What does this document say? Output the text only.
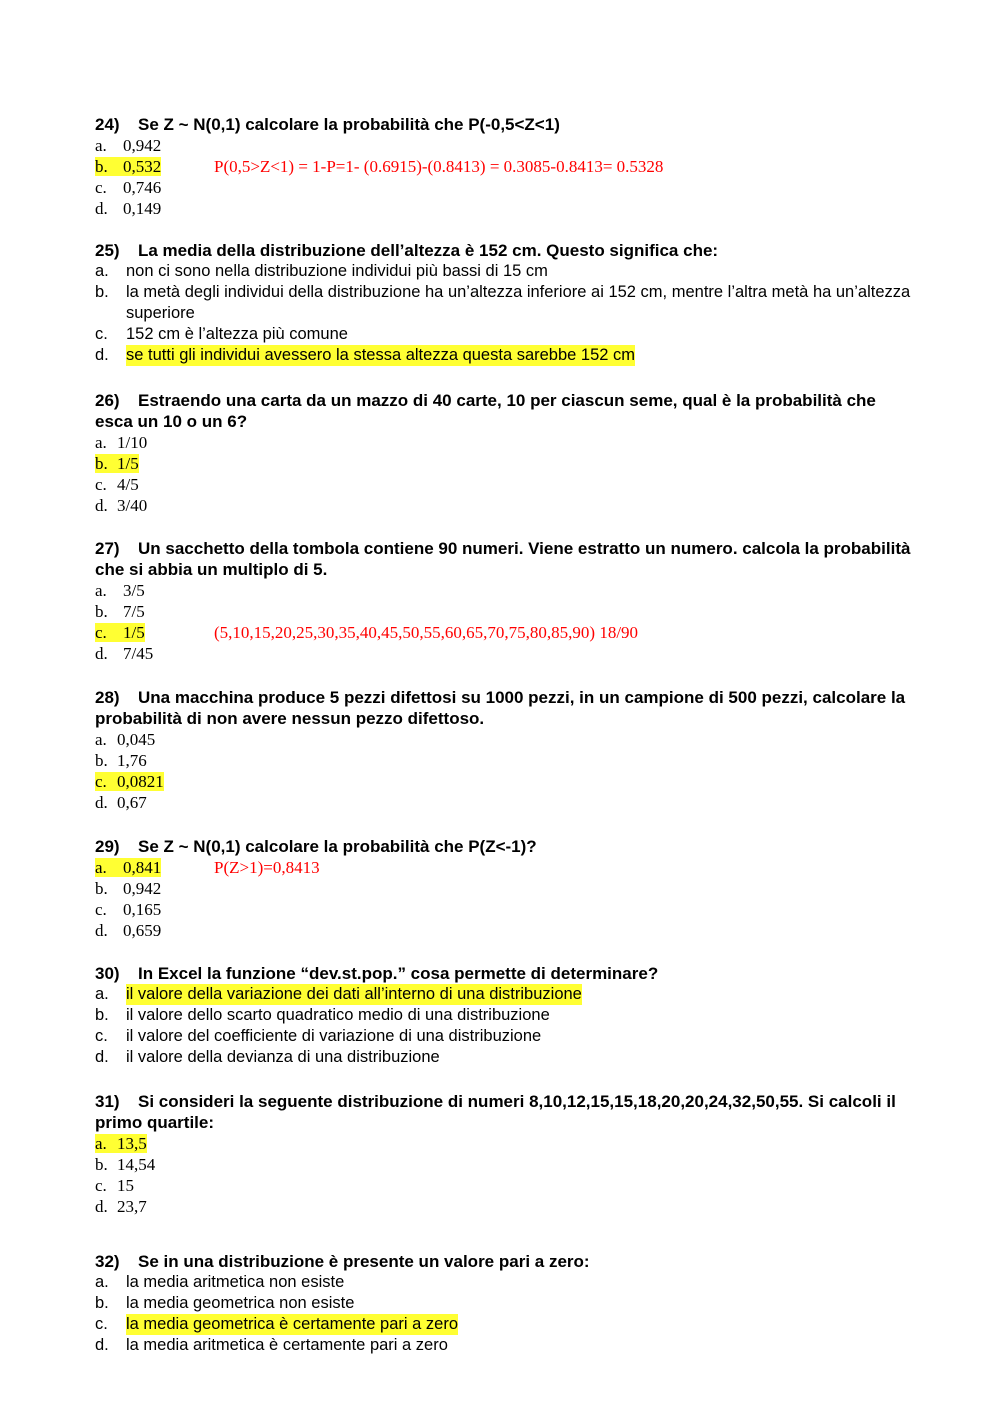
24) Se Z ~ N(0,1) calcolare la probabilità che P(-0,5<Z<1)

a. 0,942
b. 0,532	P(0,5>Z<1) = 1-P=1- (0.6915)-(0.8413) = 0.3085-0.8413= 0.5328
c. 0,746
d. 0,149

25) La media della distribuzione dell’altezza è 152 cm. Questo significa che:

a. non ci sono nella distribuzione individui più bassi di 15 cm
b. la metà degli individui della distribuzione ha un’altezza inferiore ai 152 cm, mentre l’altra metà ha un’altezza superiore
c. 152 cm è l’altezza più comune
d. se tutti gli individui avessero la stessa altezza questa sarebbe 152 cm

26) Estraendo una carta da un mazzo di 40 carte, 10 per ciascun seme, qual è la probabilità che esca un 10 o un 6?

a. 1/10
b. 1/5
c. 4/5
d. 3/40

27) Un sacchetto della tombola contiene 90 numeri. Viene estratto un numero. calcola la probabilità che si abbia un multiplo di 5.

a. 3/5
b. 7/5
c. 1/5	(5,10,15,20,25,30,35,40,45,50,55,60,65,70,75,80,85,90) 18/90
d. 7/45

28) Una macchina produce 5 pezzi difettosi su 1000 pezzi, in un campione di 500 pezzi, calcolare la probabilità di non avere nessun pezzo difettoso.

a. 0,045
b. 1,76
c. 0,0821
d. 0,67

29) Se Z ~ N(0,1) calcolare la probabilità che P(Z<-1)?

a. 0,841	P(Z>1)=0,8413
b. 0,942
c. 0,165
d. 0,659

30) In Excel la funzione “dev.st.pop.” cosa permette di determinare?

a. il valore della variazione dei dati all’interno di una distribuzione
b. il valore dello scarto quadratico medio di una distribuzione
c. il valore del coefficiente di variazione di una distribuzione
d. il valore della devianza di una distribuzione

31) Si consideri la seguente distribuzione di numeri 8,10,12,15,15,18,20,20,24,32,50,55. Si calcoli il primo quartile:

a. 13,5
b. 14,54
c. 15
d. 23,7

32) Se in una distribuzione è presente un valore pari a zero:

a. la media aritmetica non esiste
b. la media geometrica non esiste
c. la media geometrica è certamente pari a zero
d. la media aritmetica è certamente pari a zero
